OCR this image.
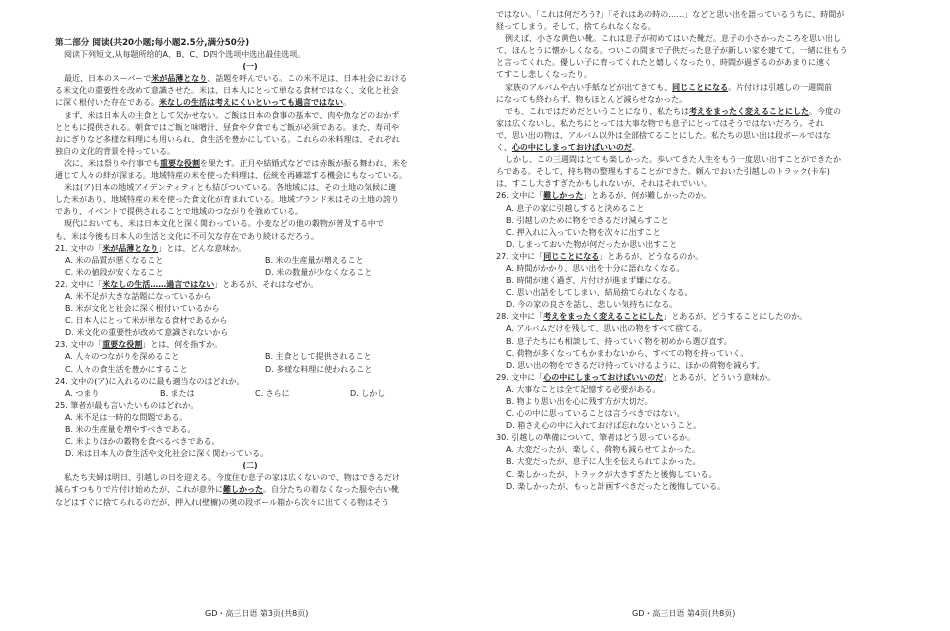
第二部分 阅读(共20小题;每小题2.5分,满分50分)
阅读下列短文,从每题所给的A、B、C、D四个选项中选出最佳选项。
(一)
最近、日本のスーパーで米が品薄となり、話題を呼んでいる。この米不足は、日本社会における
る米文化の重要性を改めて意識させた。米は、日本人にとって単なる食材ではなく、文化と社会
に深く根付いた存在である。米なしの生活は考えにくいといっても過言ではない。
まず、米は日本人の主食として欠かせない。ご飯は日本の食事の基本で、肉や魚などのおかず
とともに提供される。朝食ではご飯と味噌汁、昼食や夕食でもご飯が必須である。また、寿司や
おにぎりなど多様な料理にも用いられ、食生活を豊かにしている。これらの米料理は、それぞれ
独自の文化的背景を持っている。
次に、米は祭りや行事でも重要な役割を果たす。正月や結婚式などでは赤飯が振る舞われ、米を
通じて人々の絆が深まる。地域特産の米を使った料理は、伝統を再確認する機会にもなっている。
米は(ア)日本の地域アイデンティティとも結びついている。各地域には、その土地の気候に適
した米があり、地域特産の米を使った食文化が育まれている。地域ブランド米はその土地の誇り
であり、イベントで提供されることで地域のつながりを強めている。
現代においても、米は日本文化と深く関わっている。小麦などの他の穀物が普及する中で
も、米は今後も日本人の生活と文化に不可欠な存在であり続けるだろう。
21. 文中の「米が品薄となり」とは、どんな意味か。
A. 米の品質が悪くなること	B. 米の生産量が増えること
C. 米の値段が安くなること	D. 米の数量が少なくなること
22. 文中に「米なしの生活……過言ではない」とあるが、それはなぜか。
A. 米不足が大きな話題になっているから
B. 米が文化と社会に深く根付いているから
C. 日本人にとって米が単なる食材であるから
D. 米文化の重要性が改めて意識されないから
23. 文中の「重要な役割」とは、何を指すか。
A. 人々のつながりを深めること	B. 主食として提供されること
C. 人々の食生活を豊かにすること	D. 多様な料理に使われること
24. 文中の(ア)に入れるのに最も適当なのはどれか。
A. つまり	B. または	C. さらに	D. しかし
25. 筆者が最も言いたいものはどれか。
A. 米不足は一時的な問題である。
B. 米の生産量を増やすべきである。
C. 米よりほかの穀物を食べるべきである。
D. 米は日本人の食生活や文化社会に深く関わっている。
(二)
私たち夫婦は明日、引越しの日を迎える。今度住む息子の家は広くないので、物はできるだけ
減らすつもりで片付け始めたが、これが意外に難しかった。自分たちの着なくなった服や古い靴
などはすぐに捨てられるのだが、押入れ(壁櫥)の奥の段ボール箱から次々に出てくる物はそう
ではない。「これは何だろう?」「それはあの時の……」などと思い出を語っているうちに、時間が
経ってしまう。そして、捨てられなくなる。
例えば、小さな黄色い靴。これは息子が初めてはいた靴だ。息子の小さかったころを思い出し
て、ほんとうに懐かしくなる。ついこの間まで子供だった息子が新しい家を建てて、一緒に住もう
と言ってくれた。優しい子に育ってくれたと嬉しくなったり、時間が過ぎるのがあまりに速く
てすこし悲しくなったり。
家族のアルバムや古い手紙などが出てきても、同じことになる。片付けは引越しの一週間前
になっても終わらず、物もほとんど減らせなかった。
でも、これではだめだということになり、私たちは考えをまったく変えることにした。今度の
家は広くないし、私たちにとっては大事な物でも息子にとってはそうではないだろう。それ
で、思い出の物は、アルバム以外は全部捨てることにした。私たちの思い出は段ボールではな
く、心の中にしまっておけばいいのだ。
しかし、この三週間はとても楽しかった。歩いてきた人生をもう一度思い出すことができたか
らである。そして、持ち物の整理もすることができた。頼んでおいた引越しのトラック(卡车)
は、すこし大きすぎたかもしれないが、それはそれでいい。
26. 文中に「難しかった」とあるが、何が難しかったのか。
A. 息子の家に引越しすると決めること
B. 引越しのために物をできるだけ減らすこと
C. 押入れに入っていた物を次々に出すこと
D. しまっておいた物が何だったか思い出すこと
27. 文中に「同じことになる」とあるが、どうなるのか。
A. 時間がかかり、思い出を十分に語れなくなる。
B. 時間が速く過ぎ、片付けが進まず嫌になる。
C. 思い出話をしてしまい、結局捨てられなくなる。
D. 今の家の良さを話し、悲しい気持ちになる。
28. 文中に「考えをまったく変えることにした」とあるが、どうすることにしたのか。
A. アルバムだけを残して、思い出の物をすべて捨てる。
B. 息子たちにも相談して、持っていく物を初めから選び直す。
C. 荷物が多くなってもかまわないから、すべての物を持っていく。
D. 思い出の物をできるだけ持っていけるように、ほかの荷物を減らす。
29. 文中に「心の中にしまっておけばいいのだ」とあるが、どういう意味か。
A. 大事なことは全て記憶する必要がある。
B. 物より思い出を心に残す方が大切だ。
C. 心の中に思っていることは言うべきではない。
D. 箱さえ心の中に入れておけば忘れないということ。
30. 引越しの準備について、筆者はどう思っているか。
A. 大変だったが、楽しく、荷物も減らせてよかった。
B. 大変だったが、息子に人生を伝えられてよかった。
C. 楽しかったが、トラックが大きすぎたと後悔している。
D. 楽しかったが、もっと計画すべきだったと後悔している。
GD・高三日语 第3页(共8页)	GD・高三日语 第4页(共8页)
